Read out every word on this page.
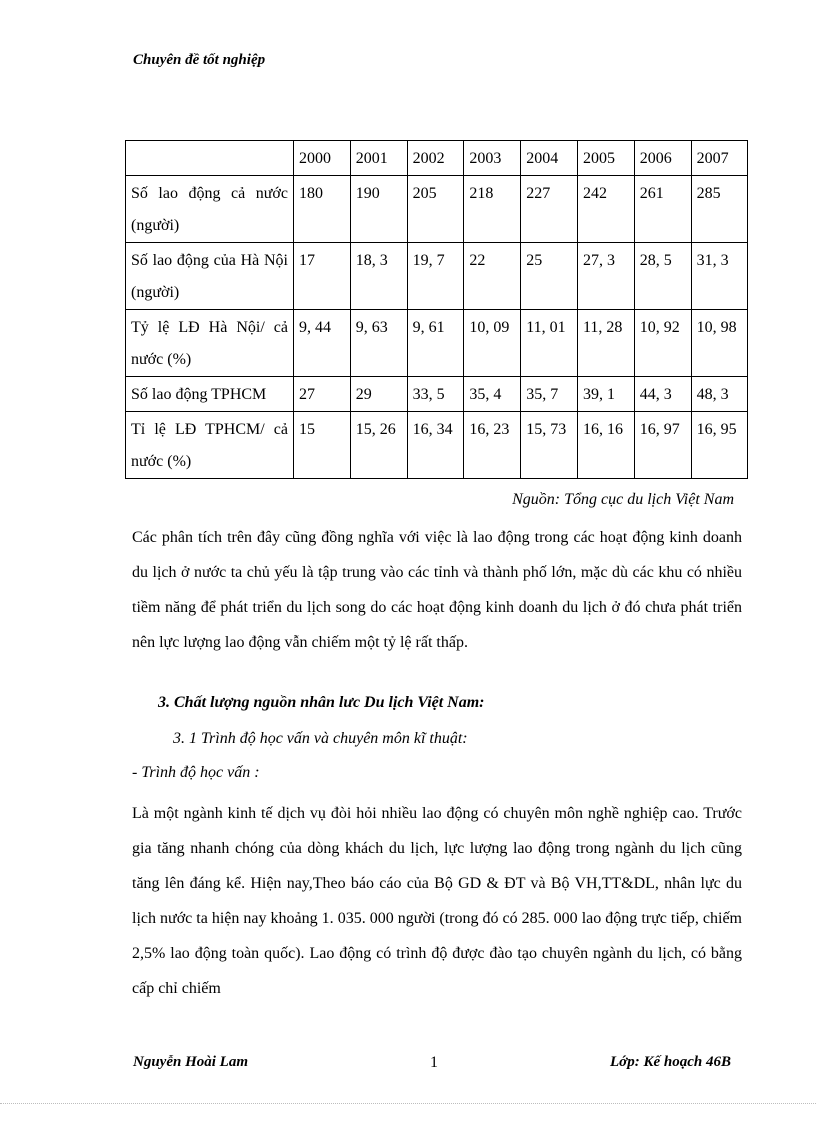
Chuyên đề tốt nghiệp
	2000	2001	2002	2003	2004	2005	2006	2007
Số lao động cả nước (người)	180	190	205	218	227	242	261	285
Số lao động của Hà Nội (người)	17	18, 3	19, 7	22	25	27, 3	28, 5	31, 3
Tỷ lệ LĐ Hà Nội/ cả nước (%)	9, 44	9, 63	9, 61	10, 09	11, 01	11, 28	10, 92	10, 98
Số lao động TPHCM	27	29	33, 5	35, 4	35, 7	39, 1	44, 3	48, 3
Tỉ lệ LĐ TPHCM/ cả nước (%)	15	15, 26	16, 34	16, 23	15, 73	16, 16	16, 97	16, 95
Nguồn: Tổng cục du lịch Việt Nam
Các phân tích trên đây cũng đồng nghĩa với việc là lao động trong các hoạt động kinh doanh du lịch ở nước ta chủ yếu là tập trung vào các tỉnh và thành phố lớn, mặc dù các khu có nhiều tiềm năng để phát triển du lịch song do các hoạt động kinh doanh du lịch ở đó chưa phát triển nên lực lượng lao động vẫn chiếm một tỷ lệ rất thấp.
3. Chất lượng nguồn nhân lưc Du lịch Việt Nam:
3. 1 Trình độ học vấn và chuyên môn kĩ thuật:
- Trình độ học vấn :
Là một ngành kinh tế dịch vụ đòi hỏi nhiều lao động có chuyên môn nghề nghiệp cao. Trước gia tăng nhanh chóng của dòng khách du lịch, lực lượng lao động trong ngành du lịch cũng tăng lên đáng kể. Hiện nay,Theo báo cáo của Bộ GD & ĐT và Bộ VH,TT&DL, nhân lực du lịch nước ta hiện nay khoảng 1. 035. 000 người (trong đó có 285. 000 lao động trực tiếp, chiếm 2,5% lao động toàn quốc). Lao động có trình độ được đào tạo chuyên ngành du lịch, có bằng cấp chỉ chiếm
Nguyễn Hoài Lam	1	Lớp: Kế hoạch 46B
